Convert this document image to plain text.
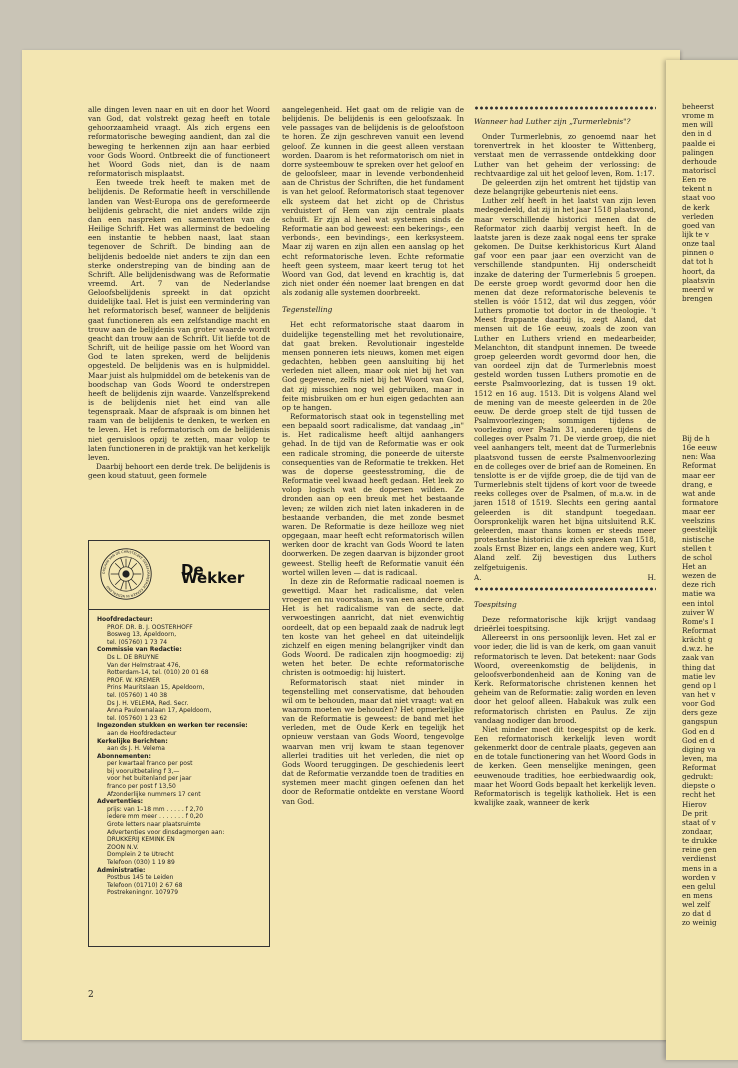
beheerst
vrome m
men will
den in d
paalde ei
palingen
derhoude
matoriscl
Een re
tekent n
staat voo
de kerk
verleden
goed van
lijk te v
onze taal
pinnen o
dat tot h
hoort, da
plaatsvin
meerd w
brengen
Bij de h
16e eeuw
nen: Waa
Reformat
maar eer
drang, e
wat ande
formatore
maar eer
veelszins
geestelijk
nistische
stellen t
de schol
Het an
wezen de
deze rich
matie wa
een intol
zuiver W
Rome's I
Reformat
krächt g
d.w.z. he
zaak van
thing dat
matie lev
gend op l
van het v
voor God
ders geze
gangspun
God en d
God en d
diging va
leven, ma
Reformat
gedrukt:
diepste o
recht het
Hierov
De prit
staat of v
zondaar,
te drukke
reine gen
verdienst
mens in a
worden v
een gelul
en mens
wel zelf
zo dat d
zo weinig

alle dingen leven naar en uit en door het Woord van God, dat volstrekt gezag heeft en totale gehoorzaamheid vraagt. Als zich ergens een reformatorische beweging aandient, dan zal die beweging te herkennen zijn aan haar eerbied voor Gods Woord. Ontbreekt die of functioneert het Woord Gods niet, dan is de naam reformatorisch misplaatst.

Een tweede trek heeft te maken met de belijdenis. De Reformatie heeft in verschillende landen van West-Europa ons de gereformeerde belijdenis gebracht, die niet anders wilde zijn dan een naspreken en samenvatten van de Heilige Schrift. Het was allerminst de bedoeling een instantie te hebben naast, laat staan tegenover de Schrift. De binding aan de belijdenis bedoelde niet anders te zijn dan een sterke onderstreping van de binding aan de Schrift. Alle belijdenisdwang was de Reformatie vreemd. Art. 7 van de Nederlandse Geloofsbelijdenis spreekt in dat opzicht duidelijke taal. Het is juist een vermindering van het reformatorisch besef, wanneer de belijdenis gaat functioneren als een zelfstandige macht en trouw aan de belijdenis van groter waarde wordt geacht dan trouw aan de Schrift. Uit liefde tot de Schrift, uit de heilige passie om het Woord van God te laten spreken, werd de belijdenis opgesteld. De belijdenis was en is hulpmiddel. Maar juist als hulpmiddel om de betekenis van de boodschap van Gods Woord te onderstrepen heeft de belijdenis zijn waarde. Vanzelfsprekend is de belijdenis niet het eind van alle tegenspraak. Maar de afspraak is om binnen het raam van de belijdenis te denken, te werken en te leven. Het is reformatorisch om de belijdenis niet geruisloos opzij te zetten, maar volop te laten functioneren in de praktijk van het kerkelijk leven.

Daarbij behoort een derde trek. De belijdenis is geen koud statuut, geen formele

ORGAAN VAN DE CHRISTELIJKE GEREFORMEERDE KERKEN IN NEDERLAND
De Wekker
Hoofdredacteur:
PROF. DR. B. J. OOSTERHOFF
Bosweg 13, Apeldoorn,
tel. (05760) 1 73 74
Commissie van Redactie:
Ds L. DE BRUYNE
Van der Helmstraat 476,
Rotterdam-14, tel. (010) 20 01 68
PROF. W. KREMER
Prins Mauritslaan 15, Apeldoorn,
tel. (05760) 1 40 38
Ds J. H. VELEMA, Red. Secr.
Anna Paulownalaan 17, Apeldoorn,
tel. (05760) 1 23 62
Ingezonden stukken en werken ter recensie:
aan de Hoofdredacteur
Kerkelijke Berichten:
aan ds J. H. Velema
Abonnementen:
per kwartaal franco per post
bij vooruitbetaling f 3,—
voor het buitenland per jaar
franco per post f 13,50
Afzonderlijke nummers 17 cent
Advertenties:
prijs: van 1–18 mm . . . . . f 2,70
iedere mm meer . . . . . . . f 0,20
Grote letters naar plaatsruimte
Advertenties voor dinsdagmorgen aan:
DRUKKERIJ KEMINK EN
ZOON N.V.
Domplein 2 te Utrecht
Telefoon (030) 1 19 89
Administratie:
Postbus 145 te Leiden
Telefoon (01710) 2 67 68
Postrekeningnr. 107979

aangelegenheid. Het gaat om de religie van de belijdenis. De belijdenis is een geloofszaak. In vele passages van de belijdenis is de geloofstoon te horen. Ze zijn geschreven vanuit een levend geloof. Ze kunnen in die geest alleen verstaan worden. Daarom is het reformatorisch om niet in dorre systeembouw te spreken over het geloof en de geloofsleer, maar in levende verbondenheid aan de Christus der Schriften, die het fundament is van het geloof. Reformatorisch staat tegenover elk systeem dat het zicht op de Christus verduistert of Hem van zijn centrale plaats schuift. Er zijn al heel wat systemen sinds de Reformatie aan bod geweest: een bekerings-, een verbonds-, een bevindings-, een kerksysteem. Maar zij waren en zijn allen een aanslag op het echt reformatorische leven. Echte reformatie heeft geen systeem, maar keert terug tot het Woord van God, dat levend en krachtig is, dat zich niet onder één noemer laat brengen en dat als zodanig alle systemen doorbreekt.

Tegenstelling

Het echt reformatorische staat daarom in duidelijke tegenstelling met het revolutionaire, dat gaat breken. Revolutionair ingestelde mensen ponneren iets nieuws, komen met eigen gedachten, hebben geen aansluiting bij het verleden niet alleen, maar ook niet bij het van God gegevene, zelfs niet bij het Woord van God, dat zij misschien nog wel gebruiken, maar in feite misbruiken om er hun eigen gedachten aan op te hangen.

Reformatorisch staat ook in tegenstelling met een bepaald soort radicalisme, dat vandaag „in" is. Het radicalisme heeft altijd aanhangers gehad. In de tijd van de Reformatie was er ook een radicale stroming, die poneerde de uiterste consequenties van de Reformatie te trekken. Het was de doperse geestesstroming, die de Reformatie veel kwaad heeft gedaan. Het leek zo volop logisch wat de dopersen wilden. Ze dronden aan op een breuk met het bestaande leven; ze wilden zich niet laten inkaderen in de bestaande verbanden, die met zonde besmet waren. De Reformatie is deze heilloze weg niet opgegaan, maar heeft echt reformatorisch willen werken door de kracht van Gods Woord te laten doorwerken. De zegen daarvan is bijzonder groot geweest. Stellig heeft de Reformatie vanuit één wortel willen leven — dat is radicaal.

In deze zin de Reformatie radicaal noemen is gewettigd. Maar het radicalisme, dat velen vroeger en nu voorstaan, is van een andere orde. Het is het radicalisme van de secte, dat verwoestingen aanricht, dat niet evenwichtig oordeelt, dat op een bepaald zaak de nadruk legt ten koste van het geheel en dat uiteindelijk zichzelf en eigen mening belangrijker vindt dan Gods Woord. De radicalen zijn hoogmoedig: zij weten het beter. De echte reformatorische christen is ootmoedig: hij luistert.

Reformatorisch staat niet minder in tegenstelling met conservatisme, dat behouden wil om te behouden, maar dat niet vraagt: wat en waarom moeten we behouden? Het opmerkelijke van de Reformatie is geweest: de band met het verleden, met de Oude Kerk en tegelijk het opnieuw verstaan van Gods Woord, tengevolge waarvan men vrij kwam te staan tegenover allerlei tradities uit het verleden, die niet op Gods Woord teruggingen. De geschiedenis leert dat de Reformatie verzandde toen de tradities en systemen meer macht gingen oefenen dan het door de Reformatie ontdekte en verstane Woord van God.

Wanneer had Luther zijn „Turmerlebnis"?

Onder Turmerlebnis, zo genoemd naar het torenvertrek in het klooster te Wittenberg, verstaat men de verrassende ontdekking door Luther van het geheim der verlossing: de rechtvaardige zal uit het geloof leven, Rom. 1:17.

De geleerden zijn het omtrent het tijdstip van deze belangrijke gebeurtenis niet eens.

Luther zelf heeft in het laatst van zijn leven medegedeeld, dat zij in het jaar 1518 plaatsvond, maar verschillende historici menen dat de Reformator zich daarbij vergist heeft. In de laatste jaren is deze zaak nogal eens ter sprake gekomen. De Duitse kerkhistoricus Kurt Aland gaf voor een paar jaar een overzicht van de verschillende standpunten. Hij onderscheidt inzake de datering der Turmerlebnis 5 groepen. De eerste groep wordt gevormd door hen die menen dat deze reformatorische belevenis te stellen is vóór 1512, dat wil dus zeggen, vóór Luthers promotie tot doctor in de theologie. 't Meest frappante daarbij is, zegt Aland, dat mensen uit de 16e eeuw, zoals de zoon van Luther en Luthers vriend en medearbeider, Melanchton, dit standpunt innemen. De tweede groep geleerden wordt gevormd door hen, die van oordeel zijn dat de Turmerlebnis moest gesteld worden tussen Luthers promotie en de eerste Psalmvoorlezing, dat is tussen 19 okt. 1512 en 16 aug. 1513. Dit is volgens Aland wel de mening van de meeste geleerden in de 20e eeuw. De derde groep stelt de tijd tussen de Psalmvoorlezingen; sommigen tijdens de voorlezing over Psalm 31, anderen tijdens de colleges over Psalm 71. De vierde groep, die niet veel aanhangers telt, meent dat de Turmerlebnis plaatsvond tussen de eerste Psalmenvoorlezing en de colleges over de brief aan de Romeinen. En tenslotte is er de vijfde groep, die de tijd van de Turmerlebnis stelt tijdens of kort voor de tweede reeks colleges over de Psalmen, of m.a.w. in de jaren 1518 of 1519. Slechts een gering aantal geleerden is dit standpunt toegedaan. Oorspronkelijk waren het bijna uitsluitend R.K. geleerden, maar thans komen er steeds meer protestantse historici die zich spreken van 1518, zoals Ernst Bizer en, langs een andere weg, Kurt Aland zelf. Zij bevestigen dus Luthers zelfgetuigenis.

A.	H.
Toespitsing

Deze reformatorische kijk krijgt vandaag drieërlei toespitsing.

Allereerst in ons persoonlijk leven. Het zal er voor ieder, die lid is van de kerk, om gaan vanuit reformatorisch te leven. Dat betekent: naar Gods Woord, overeenkomstig de belijdenis, in geloofsverbondenheid aan de Koning van de Kerk. Reformatorische christenen kennen het geheim van de Reformatie: zalig worden en leven door het geloof alleen. Habakuk was zulk een reformatorisch christen en Paulus. Ze zijn vandaag nodiger dan brood.

Niet minder moet dit toegespitst op de kerk. Een reformatorisch kerkelijk leven wordt gekenmerkt door de centrale plaats, gegeven aan en de totale functionering van het Woord Gods in de kerken. Geen menselijke meningen, geen eeuwenoude tradities, hoe eerbiedwaardig ook, maar het Woord Gods bepaalt het kerkelijk leven. Reformatorisch is tegelijk katholiek. Het is een kwalijke zaak, wanneer de kerk

2
